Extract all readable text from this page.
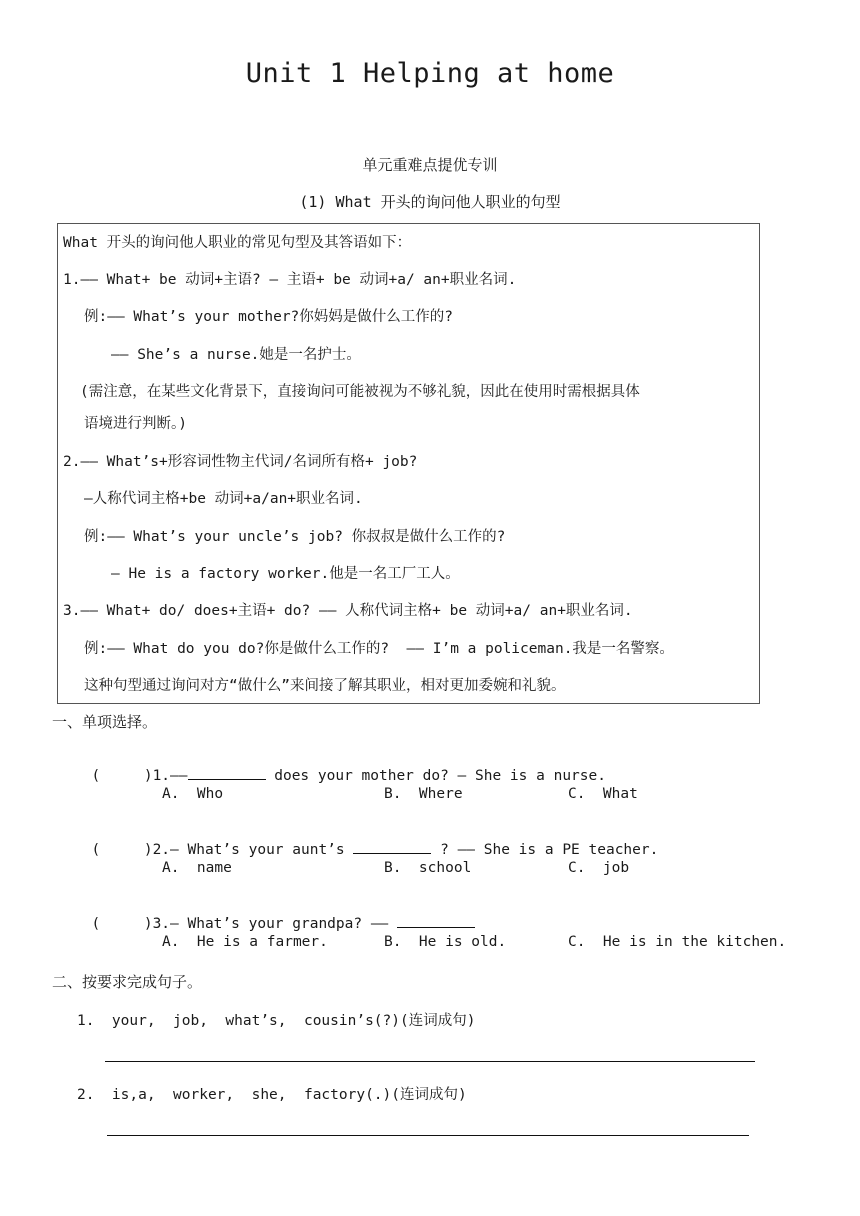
Unit 1 Helping at home
单元重难点提优专训
(1) What 开头的询问他人职业的句型
What 开头的询问他人职业的常见句型及其答语如下：
1.—— What+ be 动词+主语? — 主语+ be 动词+a/ an+职业名词.
例:—— What’s your mother?你妈妈是做什么工作的?
—— She’s a nurse.她是一名护士。
(需注意，在某些文化背景下，直接询问可能被视为不够礼貌，因此在使用时需根据具体
语境进行判断。)
2.—— What’s+形容词性物主代词/名词所有格+ job?
—人称代词主格+be 动词+a/an+职业名词.
例:—— What’s your uncle’s job? 你叔叔是做什么工作的?
— He is a factory worker.他是一名工厂工人。
3.—— What+ do/ does+主语+ do? —— 人称代词主格+ be 动词+a/ an+职业名词.
例:—— What do you do?你是做什么工作的?  —— I’m a policeman.我是一名警察。
这种句型通过询问对方“做什么”来间接了解其职业，相对更加委婉和礼貌。
一、单项选择。

(     )1.——	does your mother do? — She is a nurse.

A.  Who	B.  Where	C.  What

(     )2.— What’s your aunt’s	? —— She is a PE teacher.

A.  name	B.  school	C.  job

(     )3.— What’s your grandpa? ——

A.  He is a farmer.	B.  He is old.	C.  He is in the kitchen.
二、按要求完成句子。
1.  your,  job,  what’s,  cousin’s(?)(连词成句)
2.  is,a,  worker,  she,  factory(.)(连词成句)
